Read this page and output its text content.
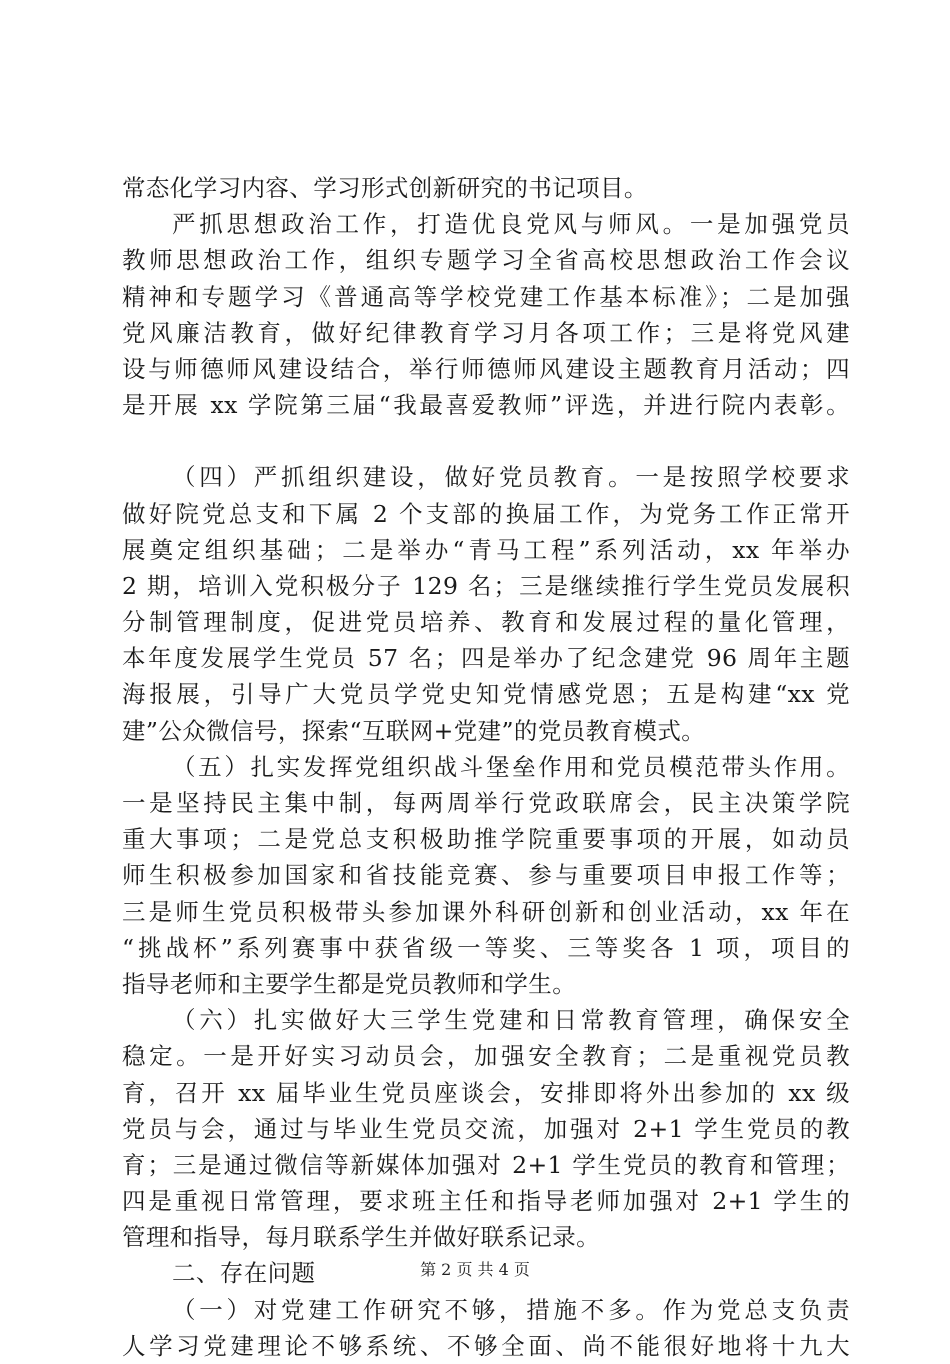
常态化学习内容、学习形式创新研究的书记项目。
严抓思想政治工作，打造优良党风与师风。一是加强党员
教师思想政治工作，组织专题学习全省高校思想政治工作会议
精神和专题学习《普通高等学校党建工作基本标准》；二是加强
党风廉洁教育，做好纪律教育学习月各项工作；三是将党风建
设与师德师风建设结合，举行师德师风建设主题教育月活动；四
是开展 xx 学院第三届“我最喜爱教师”评选，并进行院内表彰。
（四）严抓组织建设，做好党员教育。一是按照学校要求
做好院党总支和下属 2 个支部的换届工作，为党务工作正常开
展奠定组织基础；二是举办“青马工程”系列活动，xx 年举办
2 期，培训入党积极分子 129 名；三是继续推行学生党员发展积
分制管理制度，促进党员培养、教育和发展过程的量化管理，
本年度发展学生党员 57 名；四是举办了纪念建党 96 周年主题
海报展，引导广大党员学党史知党情感党恩；五是构建“xx 党
建”公众微信号，探索“互联网+党建”的党员教育模式。
（五）扎实发挥党组织战斗堡垒作用和党员模范带头作用。
一是坚持民主集中制，每两周举行党政联席会，民主决策学院
重大事项；二是党总支积极助推学院重要事项的开展，如动员
师生积极参加国家和省技能竞赛、参与重要项目申报工作等；
三是师生党员积极带头参加课外科研创新和创业活动，xx 年在
“挑战杯”系列赛事中获省级一等奖、三等奖各 1 项，项目的
指导老师和主要学生都是党员教师和学生。
（六）扎实做好大三学生党建和日常教育管理，确保安全
稳定。一是开好实习动员会，加强安全教育；二是重视党员教
育，召开 xx 届毕业生党员座谈会，安排即将外出参加的 xx 级
党员与会，通过与毕业生党员交流，加强对 2+1 学生党员的教
育；三是通过微信等新媒体加强对 2+1 学生党员的教育和管理；
四是重视日常管理，要求班主任和指导老师加强对 2+1 学生的
管理和指导，每月联系学生并做好联系记录。
二、存在问题
（一）对党建工作研究不够，措施不多。作为党总支负责
人学习党建理论不够系统、不够全面、尚不能很好地将十九大
第 2 页 共 4 页
